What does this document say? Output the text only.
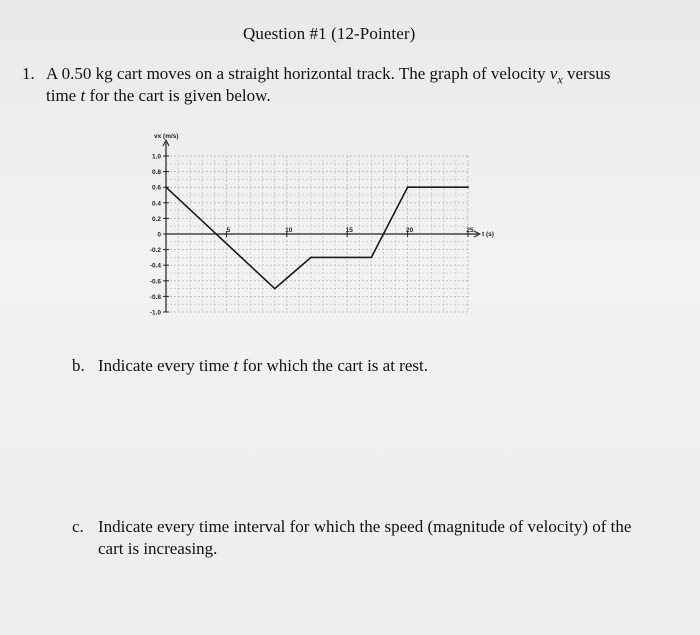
Question #1 (12-Pointer)
1. A 0.50 kg cart moves on a straight horizontal track. The graph of velocity $v_x$ versus
time t for the cart is given below.
1.0
0.8
0.6
0.4
0.2
0
-0.2
-0.4
-0.6
-0.8
-1.0
5	10	15	20	25
vx (m/s)
t (s)
b. Indicate every time t for which the cart is at rest.
c. Indicate every time interval for which the speed (magnitude of velocity) of the
cart is increasing.
